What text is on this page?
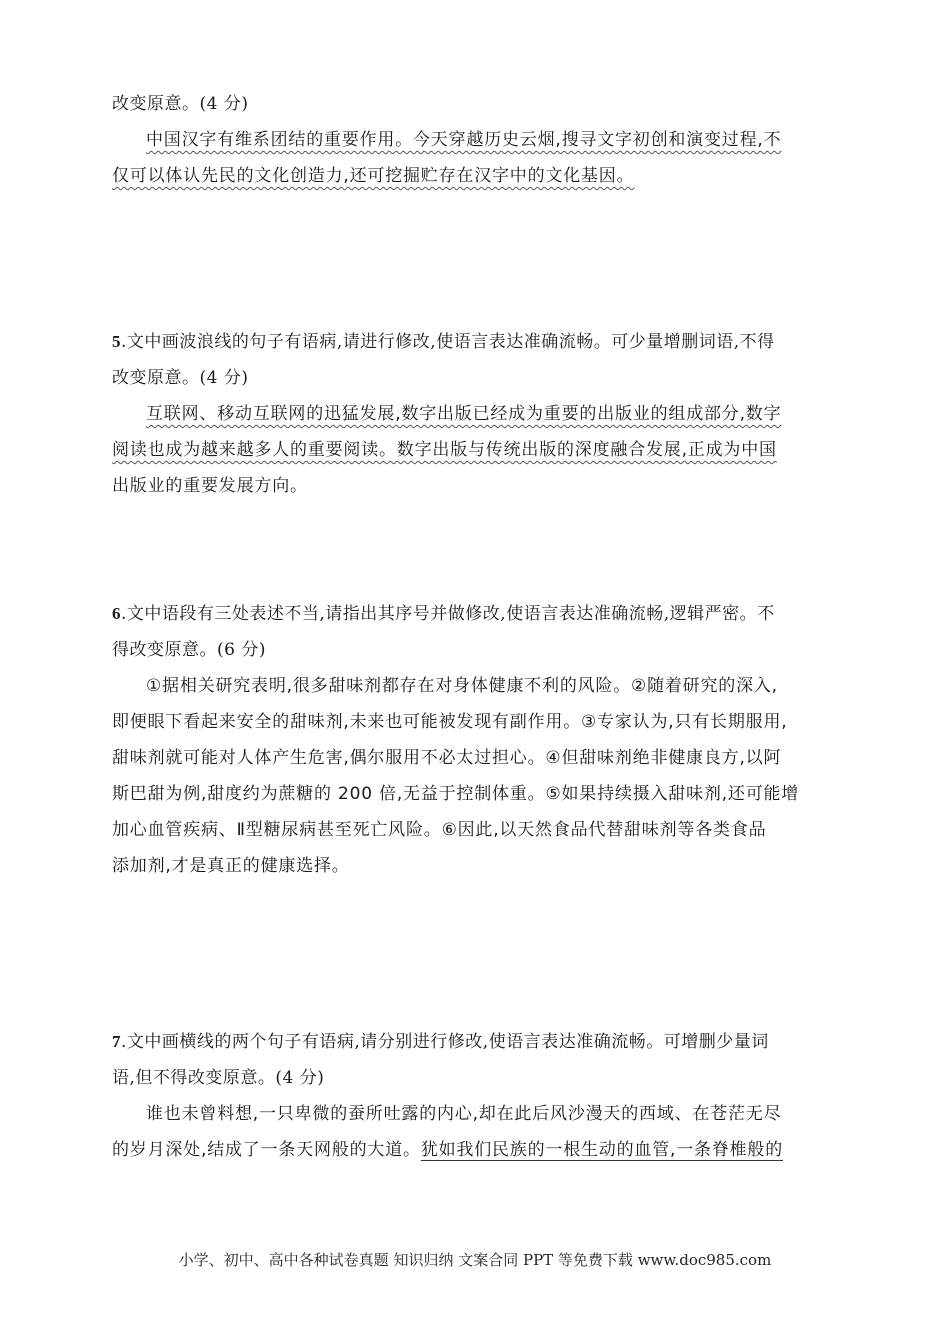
改变原意。(4 分)
中国汉字有维系团结的重要作用。今天穿越历史云烟,搜寻文字初创和演变过程,不
仅可以体认先民的文化创造力,还可挖掘贮存在汉字中的文化基因。
5.文中画波浪线的句子有语病,请进行修改,使语言表达准确流畅。可少量增删词语,不得
改变原意。(4 分)
互联网、移动互联网的迅猛发展,数字出版已经成为重要的出版业的组成部分,数字
阅读也成为越来越多人的重要阅读。数字出版与传统出版的深度融合发展,正成为中国
出版业的重要发展方向。
6.文中语段有三处表述不当,请指出其序号并做修改,使语言表达准确流畅,逻辑严密。不
得改变原意。(6 分)
①据相关研究表明,很多甜味剂都存在对身体健康不利的风险。②随着研究的深入,
即便眼下看起来安全的甜味剂,未来也可能被发现有副作用。③专家认为,只有长期服用,
甜味剂就可能对人体产生危害,偶尔服用不必太过担心。④但甜味剂绝非健康良方,以阿
斯巴甜为例,甜度约为蔗糖的 200 倍,无益于控制体重。⑤如果持续摄入甜味剂,还可能增
加心血管疾病、Ⅱ型糖尿病甚至死亡风险。⑥因此,以天然食品代替甜味剂等各类食品
添加剂,才是真正的健康选择。
7.文中画横线的两个句子有语病,请分别进行修改,使语言表达准确流畅。可增删少量词
语,但不得改变原意。(4 分)
谁也未曾料想,一只卑微的蚕所吐露的内心,却在此后风沙漫天的西域、在苍茫无尽
的岁月深处,结成了一条天网般的大道。犹如我们民族的一根生动的血管,一条脊椎般的
小学、初中、高中各种试卷真题 知识归纳 文案合同 PPT 等免费下载 www.doc985.com
